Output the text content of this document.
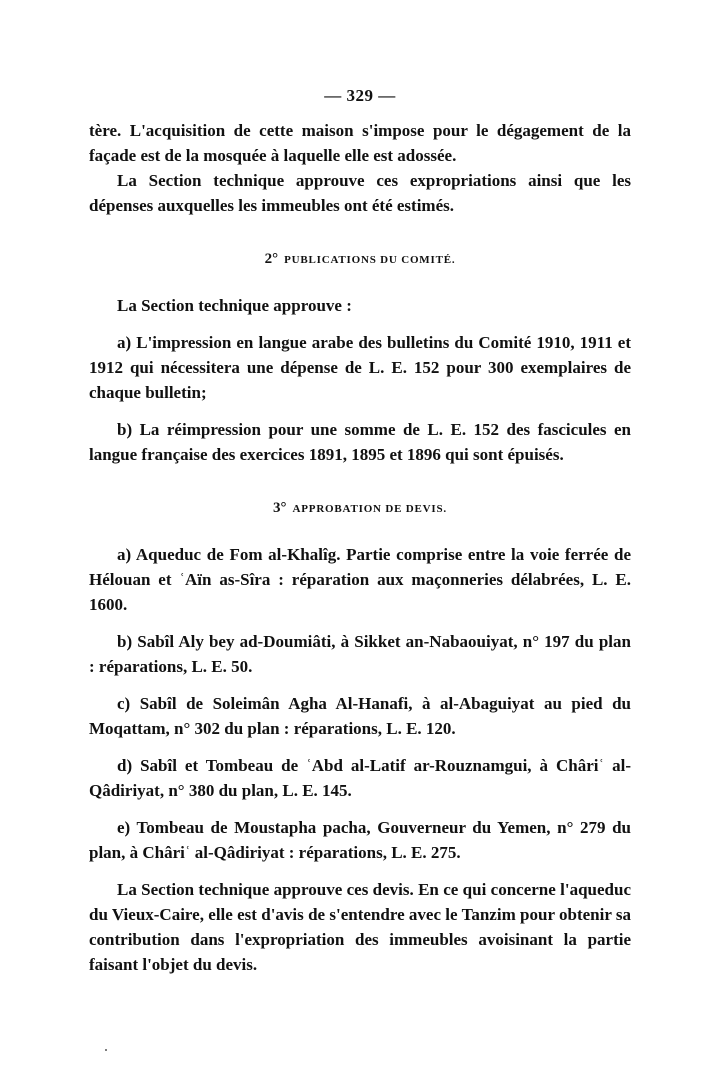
— 329 —

tère. L'acquisition de cette maison s'impose pour le dégagement de la façade est de la mosquée à laquelle elle est adossée.

La Section technique approuve ces expropriations ainsi que les dépenses auxquelles les immeubles ont été estimés.

2° PUBLICATIONS DU COMITÉ.

La Section technique approuve :

a) L'impression en langue arabe des bulletins du Comité 1910, 1911 et 1912 qui nécessitera une dépense de L. E. 152 pour 300 exemplaires de chaque bulletin;

b) La réimpression pour une somme de L. E. 152 des fascicules en langue française des exercices 1891, 1895 et 1896 qui sont épuisés.

3° APPROBATION DE DEVIS.

a) Aqueduc de Fom al-Khalîg. Partie comprise entre la voie ferrée de Hélouan et ʿAïn as-Sîra : réparation aux maçonneries délabrées, L. E. 1600.

b) Sabîl Aly bey ad-Doumiâti, à Sikket an-Nabaouiyat, n° 197 du plan : réparations, L. E. 50.

c) Sabîl de Soleimân Agha Al-Hanafi, à al-Abaguiyat au pied du Moqattam, n° 302 du plan : réparations, L. E. 120.

d) Sabîl et Tombeau de ʿAbd al-Latif ar-Rouznamgui, à Châriʿ al-Qâdiriyat, n° 380 du plan, L. E. 145.

e) Tombeau de Moustapha pacha, Gouverneur du Yemen, n° 279 du plan, à Châriʿ al-Qâdiriyat : réparations, L. E. 275.

La Section technique approuve ces devis. En ce qui concerne l'aqueduc du Vieux-Caire, elle est d'avis de s'entendre avec le Tanzim pour obtenir sa contribution dans l'expropriation des immeubles avoisinant la partie faisant l'objet du devis.
